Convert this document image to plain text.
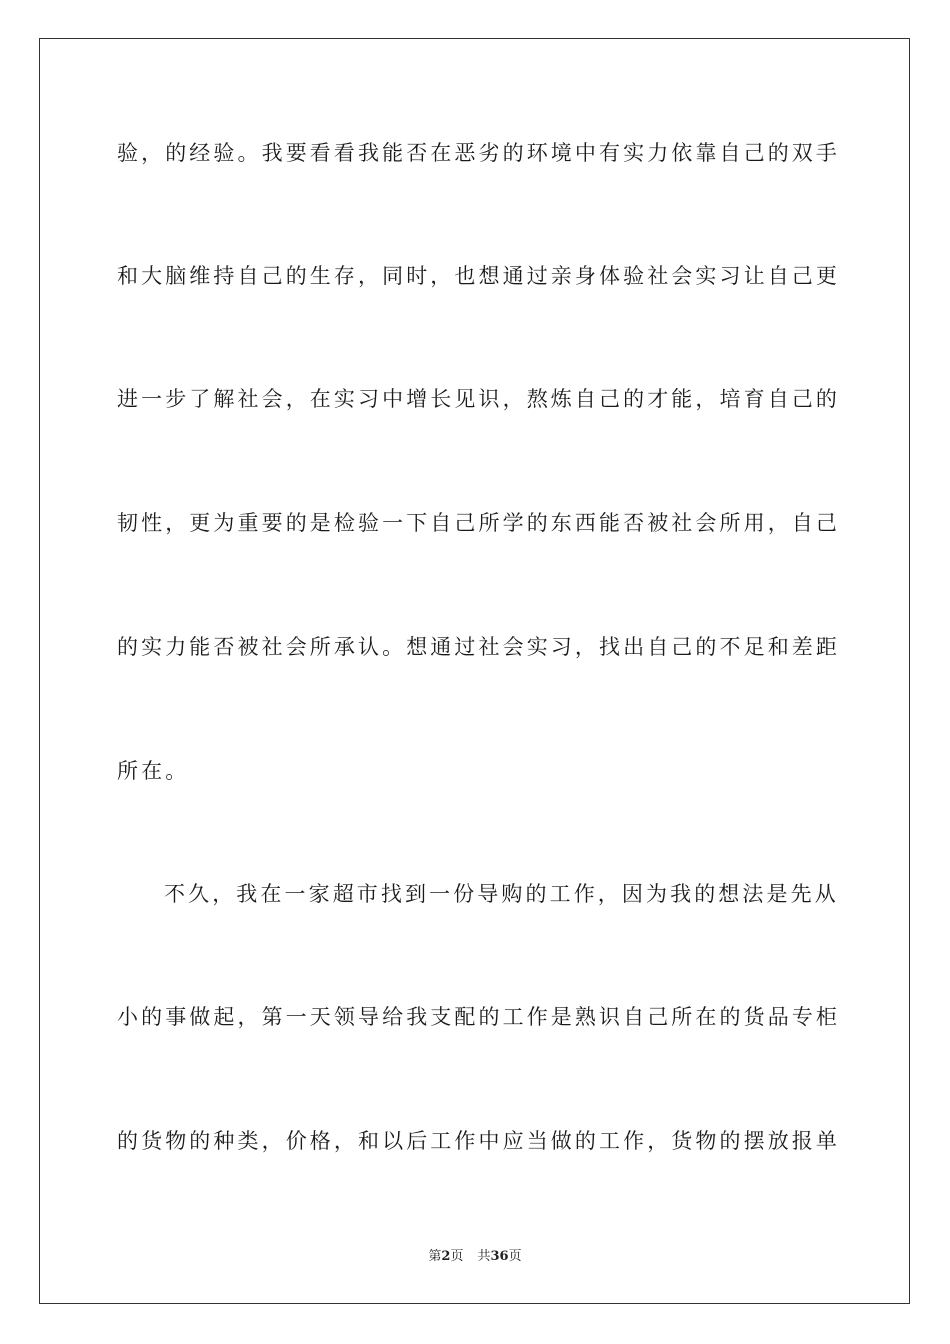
验，的经验。我要看看我能否在恶劣的环境中有实力依靠自己的双手
和大脑维持自己的生存，同时，也想通过亲身体验社会实习让自己更
进一步了解社会，在实习中增长见识，熬炼自己的才能，培育自己的
韧性，更为重要的是检验一下自己所学的东西能否被社会所用，自己
的实力能否被社会所承认。想通过社会实习，找出自己的不足和差距
所在。
不久，我在一家超市找到一份导购的工作，因为我的想法是先从
小的事做起，第一天领导给我支配的工作是熟识自己所在的货品专柜
的货物的种类，价格，和以后工作中应当做的工作，货物的摆放报单
第2页 共36页
